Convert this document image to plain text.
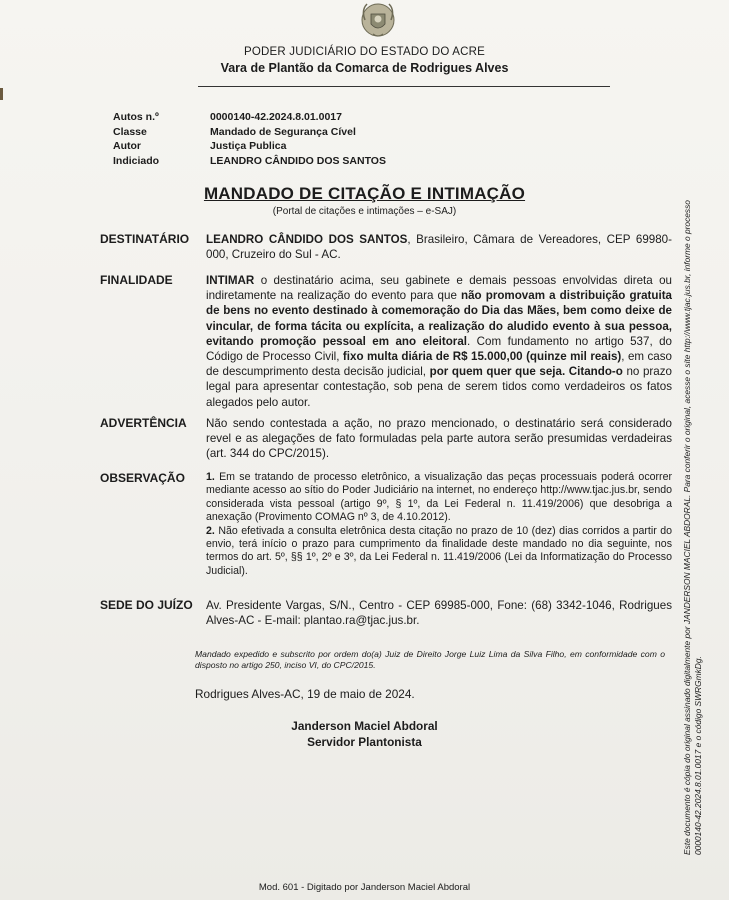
PODER JUDICIÁRIO DO ESTADO DO ACRE
Vara de Plantão da Comarca de Rodrigues Alves
Autos n.º	0000140-42.2024.8.01.0017
Classe	Mandado de Segurança Cível
Autor	Justiça Publica
Indiciado	LEANDRO CÂNDIDO DOS SANTOS
MANDADO DE CITAÇÃO E INTIMAÇÃO
(Portal de citações e intimações – e-SAJ)
DESTINATÁRIO	LEANDRO CÂNDIDO DOS SANTOS, Brasileiro, Câmara de Vereadores, CEP 69980-000, Cruzeiro do Sul - AC.
FINALIDADE	INTIMAR o destinatário acima, seu gabinete e demais pessoas envolvidas direta ou indiretamente na realização do evento para que não promovam a distribuição gratuita de bens no evento destinado à comemoração do Dia das Mães, bem como deixe de vincular, de forma tácita ou explícita, a realização do aludido evento à sua pessoa, evitando promoção pessoal em ano eleitoral. Com fundamento no artigo 537, do Código de Processo Civil, fixo multa diária de R$ 15.000,00 (quinze mil reais), em caso de descumprimento desta decisão judicial, por quem quer que seja. Citando-o no prazo legal para apresentar contestação, sob pena de serem tidos como verdadeiros os fatos alegados pelo autor.
ADVERTÊNCIA	Não sendo contestada a ação, no prazo mencionado, o destinatário será considerado revel e as alegações de fato formuladas pela parte autora serão presumidas verdadeiras (art. 344 do CPC/2015).
OBSERVAÇÃO	1. Em se tratando de processo eletrônico, a visualização das peças processuais poderá ocorrer mediante acesso ao sítio do Poder Judiciário na internet, no endereço http://www.tjac.jus.br, sendo considerada vista pessoal (artigo 9º, § 1º, da Lei Federal n. 11.419/2006) que desobriga a anexação (Provimento COMAG nº 3, de 4.10.2012).

2. Não efetivada a consulta eletrônica desta citação no prazo de 10 (dez) dias corridos a partir do envio, terá início o prazo para cumprimento da finalidade deste mandado no dia seguinte, nos termos do art. 5º, §§ 1º, 2º e 3º, da Lei Federal n. 11.419/2006 (Lei da Informatização do Processo Judicial).

SEDE DO JUÍZO	Av. Presidente Vargas, S/N., Centro - CEP 69985-000, Fone: (68) 3342-1046, Rodrigues Alves-AC - E-mail: plantao.ra@tjac.jus.br.
Mandado expedido e subscrito por ordem do(a) Juiz de Direito Jorge Luiz Lima da Silva Filho, em conformidade com o disposto no artigo 250, inciso VI, do CPC/2015.
Rodrigues Alves-AC, 19 de maio de 2024.
Janderson Maciel Abdoral
Servidor Plantonista
Mod. 601 - Digitado por Janderson Maciel Abdoral
Este documento é cópia do original assinado digitalmente por JANDERSON MACIEL ABDORAL. Para conferir o original, acesse o site http://www.tjac.jus.br, informe o processo 0000140-42.2024.8.01.0017 e o código SWRGmkDg.
